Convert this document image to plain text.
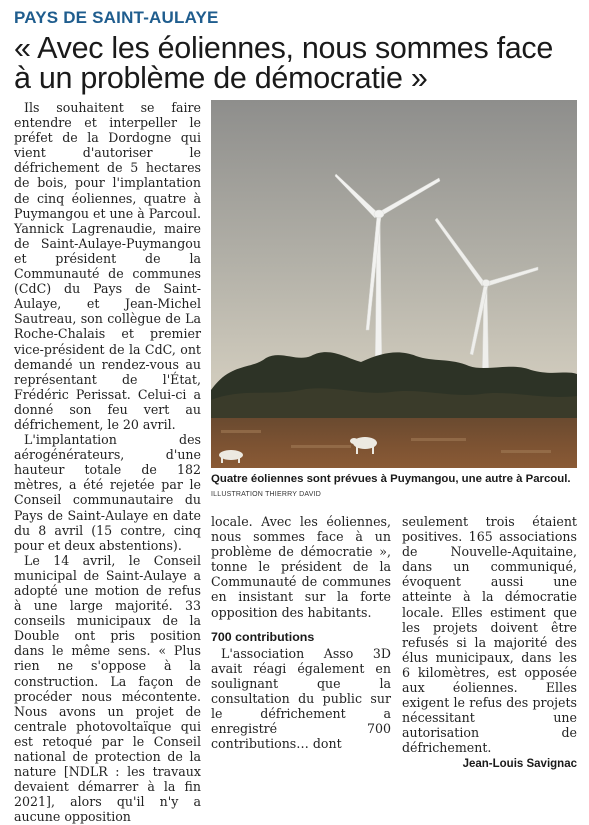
PAYS DE SAINT-AULAYE
« Avec les éoliennes, nous sommes face
à un problème de démocratie »

Ils souhaitent se faire entendre et interpeller le préfet de la Dordogne qui vient d'autoriser le défrichement de 5 hectares de bois, pour l'implantation de cinq éoliennes, quatre à Puymangou et une à Parcoul. Yannick Lagrenaudie, maire de Saint-Aulaye-Puymangou et président de la Communauté de communes (CdC) du Pays de Saint-Aulaye, et Jean-Michel Sautreau, son collègue de La Roche-Chalais et premier vice-président de la CdC, ont demandé un rendez-vous au représentant de l'État, Frédéric Perissat. Celui-ci a donné son feu vert au défrichement, le 20 avril.

L'implantation des aérogénérateurs, d'une hauteur totale de 182 mètres, a été rejetée par le Conseil communautaire du Pays de Saint-Aulaye en date du 8 avril (15 contre, cinq pour et deux abstentions).

Le 14 avril, le Conseil municipal de Saint-Aulaye a adopté une motion de refus à une large majorité. 33 conseils municipaux de la Double ont pris position dans le même sens. « Plus rien ne s'oppose à la construction. La façon de procéder nous mécontente. Nous avons un projet de centrale photovoltaïque qui est retoqué par le Conseil national de protection de la nature [NDLR : les travaux devaient démarrer à la fin 2021], alors qu'il n'y a aucune opposition

Quatre éoliennes sont prévues à Puymangou, une autre à Parcoul. ILLUSTRATION THIERRY DAVID

locale. Avec les éoliennes, nous sommes face à un problème de démocratie », tonne le président de la Communauté de communes en insistant sur la forte opposition des habitants.

700 contributions

L'association Asso 3D avait réagi également en soulignant que la consultation du public sur le défrichement a enregistré 700 contributions… dont

seulement trois étaient positives. 165 associations de Nouvelle-Aquitaine, dans un communiqué, évoquent aussi une atteinte à la démocratie locale. Elles estiment que les projets doivent être refusés si la majorité des élus municipaux, dans les 6 kilomètres, est opposée aux éoliennes. Elles exigent le refus des projets nécessitant une autorisation de défrichement.

Jean-Louis Savignac
